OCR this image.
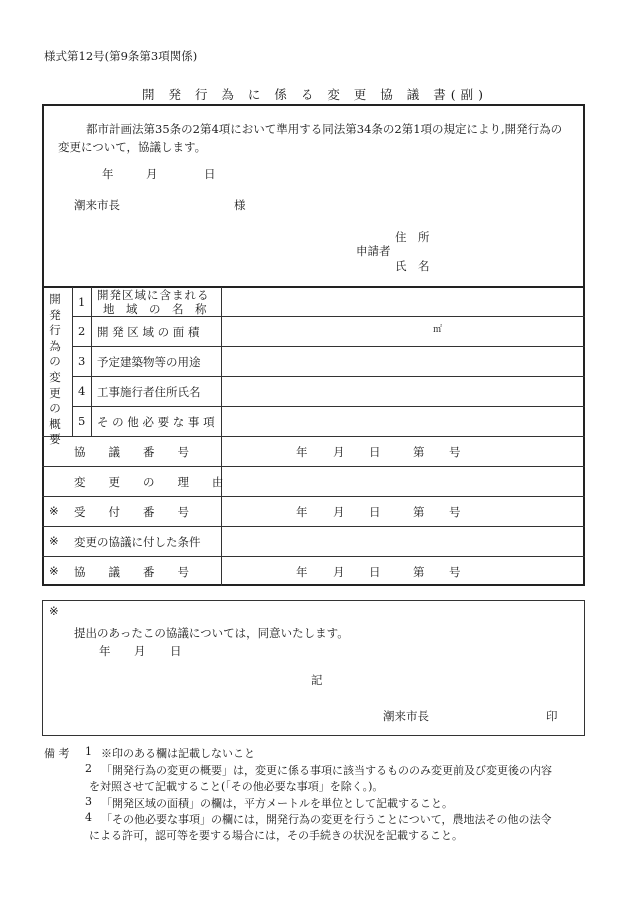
様式第12号(第9条第3項関係)
開 発 行 為 に 係 る 変 更 協 議 書(副)
都市計画法第35条の2第4項において準用する同法第34条の2第1項の規定により,開発行為の変更について，協議します。
年	月	日
潮来市長	様
住　所
申請者
氏　名
開発行為の変更の概要
1 開発区域に含まれる
地　域　の　名　称
2 開 発 区 域 の 面 積	㎡
3 予定建築物等の用途
4 工事施行者住所氏名
5 そ の 他 必 要 な 事 項
協　　議　　番　　号	年 月 日	第 号
変　　更　　の　　理　　由
※ 受　　付　　番　　号	年 月 日	第 号
※ 変更の協議に付した条件
※ 協　　議　　番　　号	年 月 日	第 号
※
提出のあったこの協議については，同意いたします。
年 月 日
記
潮来市長	印
備 考 1 ※印のある欄は記載しないこと
2 「開発行為の変更の概要」は，変更に係る事項に該当するもののみ変更前及び変更後の内容
を対照させて記載すること(「その他必要な事項」を除く。)。
3 「開発区域の面積」の欄は，平方メートルを単位として記載すること。
4 「その他必要な事項」の欄には，開発行為の変更を行うことについて，農地法その他の法令
による許可，認可等を要する場合には，その手続きの状況を記載すること。
